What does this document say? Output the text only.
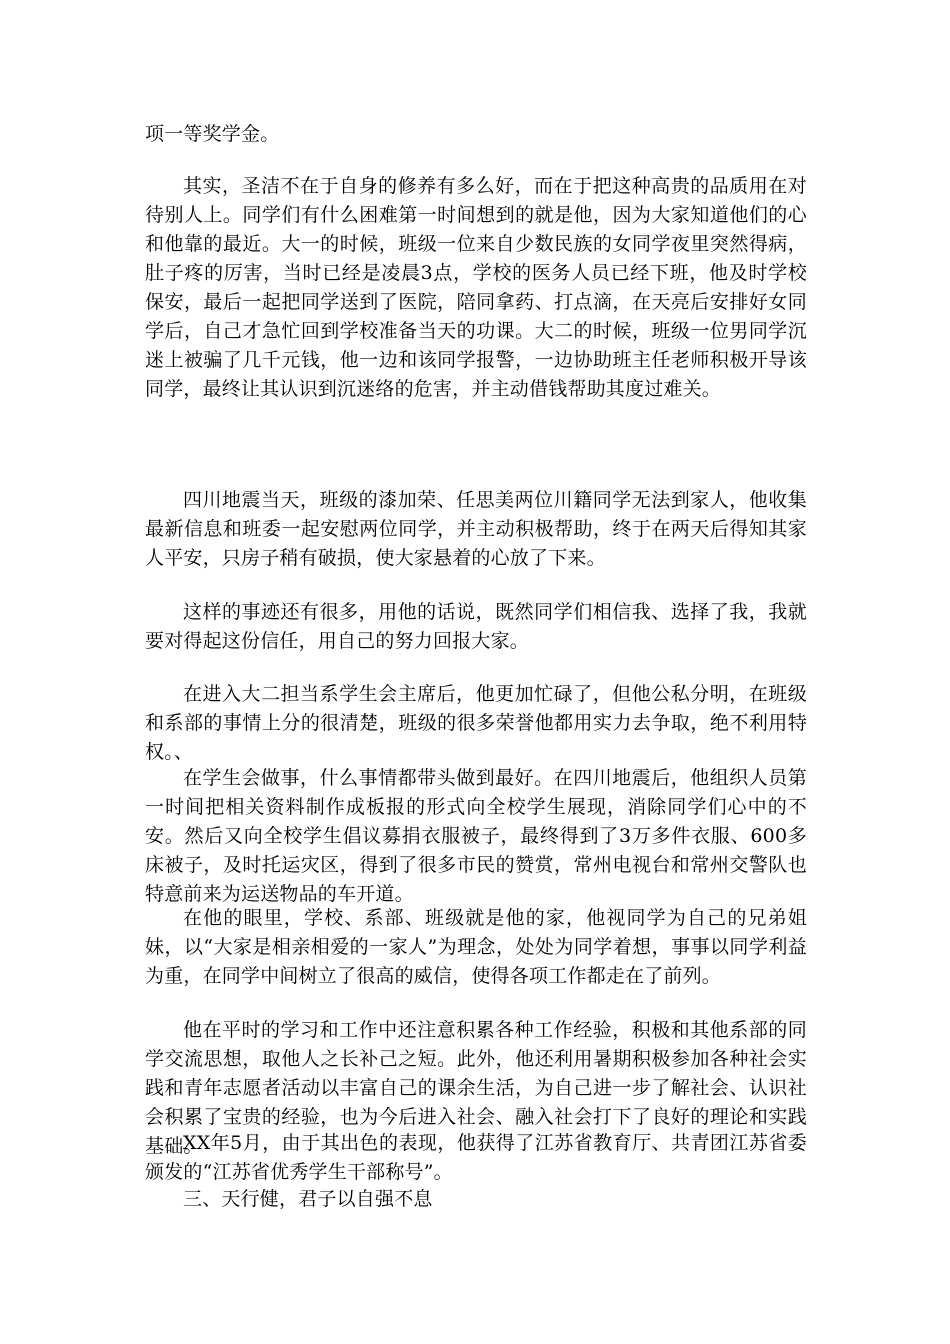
项一等奖学金。

其实，圣洁不在于自身的修养有多么好，而在于把这种高贵的品质用在对待别人上。同学们有什么困难第一时间想到的就是他，因为大家知道他们的心和他靠的最近。大一的时候，班级一位来自少数民族的女同学夜里突然得病，肚子疼的厉害，当时已经是凌晨3点，学校的医务人员已经下班，他及时学校保安，最后一起把同学送到了医院，陪同拿药、打点滴，在天亮后安排好女同学后，自己才急忙回到学校准备当天的功课。大二的时候，班级一位男同学沉迷上被骗了几千元钱，他一边和该同学报警，一边协助班主任老师积极开导该同学，最终让其认识到沉迷络的危害，并主动借钱帮助其度过难关。

四川地震当天，班级的漆加荣、任思美两位川籍同学无法到家人，他收集最新信息和班委一起安慰两位同学，并主动积极帮助，终于在两天后得知其家人平安，只房子稍有破损，使大家悬着的心放了下来。

这样的事迹还有很多，用他的话说，既然同学们相信我、选择了我，我就要对得起这份信任，用自己的努力回报大家。

在进入大二担当系学生会主席后，他更加忙碌了，但他公私分明，在班级和系部的事情上分的很清楚，班级的很多荣誉他都用实力去争取，绝不利用特权。、

在学生会做事，什么事情都带头做到最好。在四川地震后，他组织人员第一时间把相关资料制作成板报的形式向全校学生展现，消除同学们心中的不安。然后又向全校学生倡议募捐衣服被子，最终得到了3万多件衣服、600多床被子，及时托运灾区，得到了很多市民的赞赏，常州电视台和常州交警队也特意前来为运送物品的车开道。

在他的眼里，学校、系部、班级就是他的家，他视同学为自己的兄弟姐妹，以“大家是相亲相爱的一家人”为理念，处处为同学着想，事事以同学利益为重，在同学中间树立了很高的威信，使得各项工作都走在了前列。

他在平时的学习和工作中还注意积累各种工作经验，积极和其他系部的同学交流思想，取他人之长补己之短。此外，他还利用暑期积极参加各种社会实践和青年志愿者活动以丰富自己的课余生活，为自己进一步了解社会、认识社会积累了宝贵的经验，也为今后进入社会、融入社会打下了良好的理论和实践基础。

XX年5月，由于其出色的表现，他获得了江苏省教育厅、共青团江苏省委颁发的“江苏省优秀学生干部称号”。

三、天行健，君子以自强不息
